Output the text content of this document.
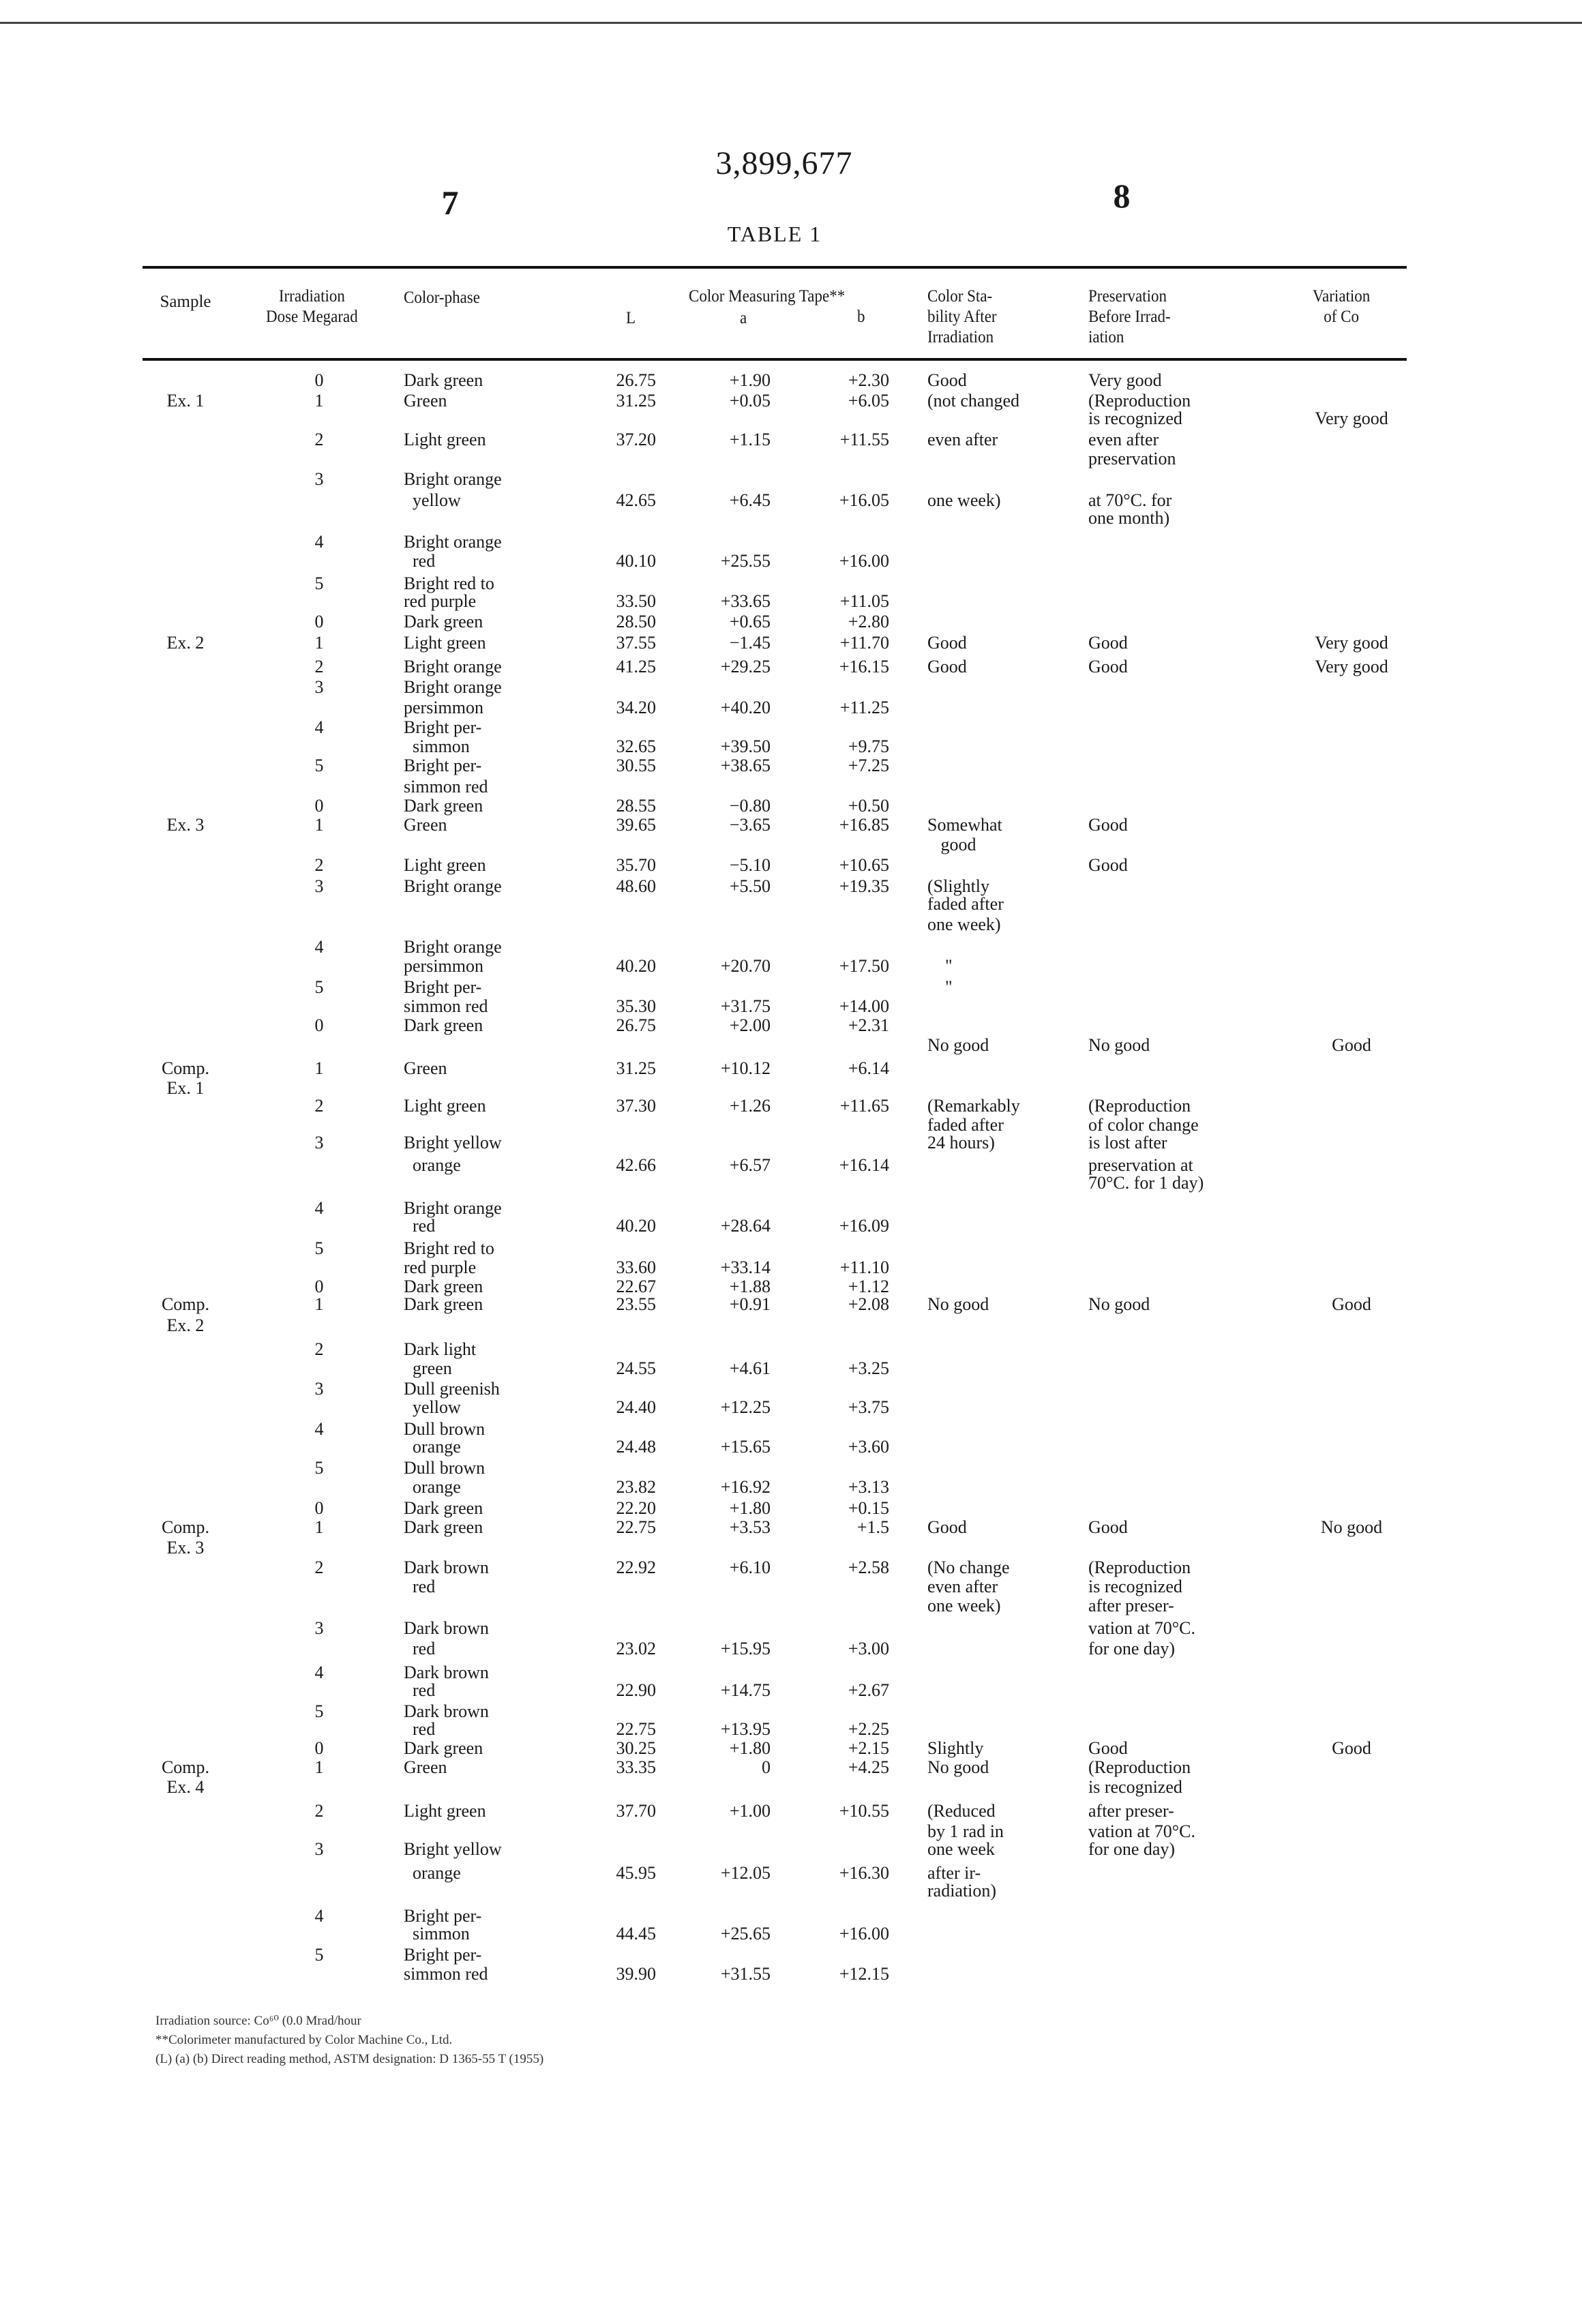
3,899,677
7	8
TABLE 1
Sample	Irradiation
Dose Megarad
Color-phase	Color Measuring Tape**
L	a	b
Color Sta-
bility After
Irradiation
Preservation
Before Irrad-
iation
Variation
of Co
0	Dark green	26.75	+1.90	+2.30 Good	Very good
Ex. 1	1	Green	31.25	+0.05	+6.05 (not changed	(Reproduction
is recognized	Very good
2	Light green	37.20	+1.15	+11.55 even after	even after
preservation
3	Bright orange
yellow	42.65	+6.45	+16.05 one week)	at 70°C. for
one month)
4	Bright orange
red	40.10	+25.55	+16.00
5	Bright red to
red purple	33.50	+33.65	+11.05
0	Dark green	28.50	+0.65	+2.80
Ex. 2	1	Light green	37.55	−1.45	+11.70 Good	Good	Very good
2	Bright orange	41.25	+29.25	+16.15 Good	Good	Very good
3	Bright orange
persimmon	34.20	+40.20	+11.25
4	Bright per-
simmon	32.65	+39.50	+9.75
5	Bright per-	30.55	+38.65	+7.25
simmon red
0	Dark green	28.55	−0.80	+0.50
Ex. 3	1	Green	39.65	−3.65	+16.85 Somewhat	Good
good
2	Light green	35.70	−5.10	+10.65	Good
3	Bright orange	48.60	+5.50	+19.35 (Slightly
faded after
one week)
4	Bright orange
persimmon	40.20	+20.70	+17.50 "
5	Bright per-	"
simmon red	35.30	+31.75	+14.00
0	Dark green	26.75	+2.00	+2.31
No good	No good	Good
Comp.	1	Green	31.25	+10.12	+6.14
Ex. 1
2	Light green	37.30	+1.26	+11.65 (Remarkably	(Reproduction
faded after	of color change
3	Bright yellow	24 hours)	is lost after
orange	42.66	+6.57	+16.14	preservation at
70°C. for 1 day)
4	Bright orange
red	40.20	+28.64	+16.09
5	Bright red to
red purple	33.60	+33.14	+11.10
0	Dark green	22.67	+1.88	+1.12
Comp.	1	Dark green	23.55	+0.91	+2.08 No good	No good	Good
Ex. 2
2	Dark light
green	24.55	+4.61	+3.25
3	Dull greenish
yellow	24.40	+12.25	+3.75
4	Dull brown
orange	24.48	+15.65	+3.60
5	Dull brown
orange	23.82	+16.92	+3.13
0	Dark green	22.20	+1.80	+0.15
Comp.	1	Dark green	22.75	+3.53	+1.5 Good	Good	No good
Ex. 3
2	Dark brown	22.92	+6.10	+2.58 (No change	(Reproduction
red	even after	is recognized
one week)	after preser-
3	Dark brown	vation at 70°C.
red	23.02	+15.95	+3.00	for one day)
4	Dark brown
red	22.90	+14.75	+2.67
5	Dark brown
red	22.75	+13.95	+2.25
0	Dark green	30.25	+1.80	+2.15 Slightly	Good	Good
Comp.	1	Green	33.35	0	+4.25 No good	(Reproduction
Ex. 4	is recognized
2	Light green	37.70	+1.00	+10.55 (Reduced	after preser-
by 1 rad in	vation at 70°C.
3	Bright yellow	one week	for one day)
orange	45.95	+12.05	+16.30 after ir-
radiation)
4	Bright per-
simmon	44.45	+25.65	+16.00
5	Bright per-
simmon red	39.90	+31.55	+12.15
Irradiation source: Co⁶⁰ (0.0 Mrad/hour
**Colorimeter manufactured by Color Machine Co., Ltd.
(L) (a) (b) Direct reading method, ASTM designation: D 1365-55 T (1955)
